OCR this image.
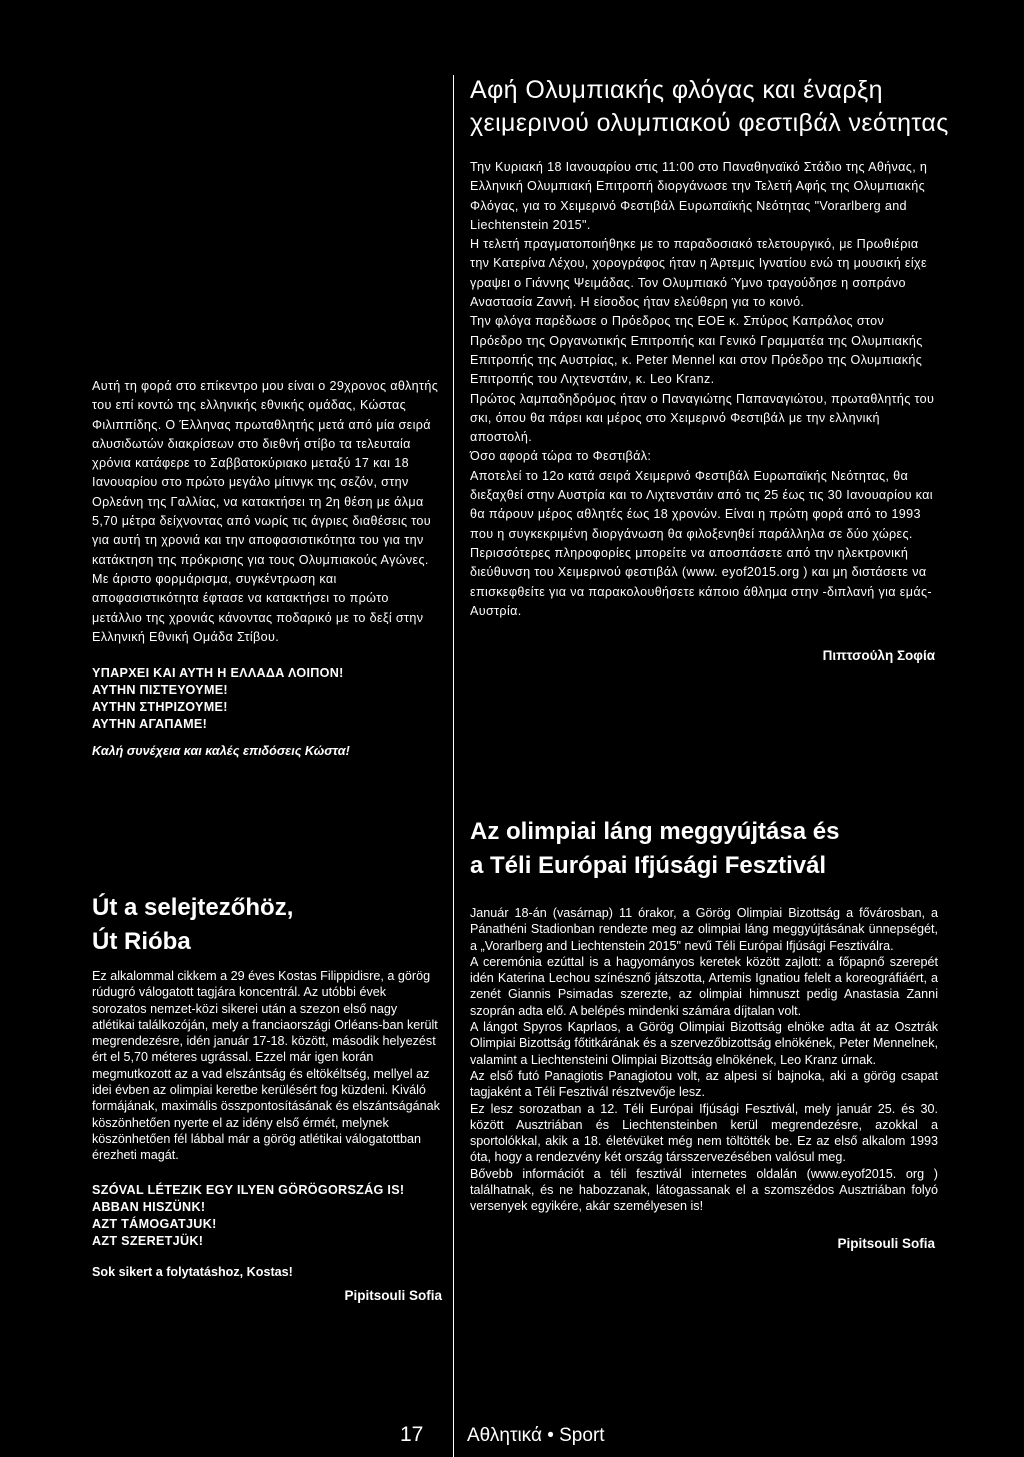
Αφή Ολυμπιακής φλόγας και έναρξη
χειμερινού ολυμπιακού φεστιβάλ νεότητας

Την Κυριακή 18 Ιανουαρίου στις 11:00 στο Παναθηναϊκό Στάδιο της Αθήνας, η Ελληνική Ολυμπιακή Επιτροπή διοργάνωσε την Τελετή Αφής της Ολυμπιακής Φλόγας, για το Χειμερινό Φεστιβάλ Ευρωπαϊκής Νεότητας "Vorarlberg and Liechtenstein 2015".

Η τελετή πραγματοποιήθηκε με το παραδοσιακό τελετουργικό, με Πρωθιέρια την Κατερίνα Λέχου, χορογράφος ήταν η Άρτεμις Ιγνατίου ενώ τη μουσική είχε γραψει ο Γιάννης Ψειμάδας. Τον Ολυμπιακό Ύμνο τραγούδησε η σοπράνο Αναστασία Ζαννή. Η είσοδος ήταν ελεύθερη για το κοινό.

Την φλόγα παρέδωσε ο Πρόεδρος της ΕΟΕ κ. Σπύρος Καπράλος στον Πρόεδρο της Οργανωτικής Επιτροπής και Γενικό Γραμματέα της Ολυμπιακής Επιτροπής της Αυστρίας, κ. Peter Mennel και στον Πρόεδρο της Ολυμπιακής Επιτροπής του Λιχτενστάιν, κ. Leo Kranz.

Πρώτος λαμπαδηδρόμος ήταν ο Παναγιώτης Παπαναγιώτου, πρωταθλητής του σκι, όπου θα πάρει και μέρος στο Χειμερινό Φεστιβάλ με την ελληνική αποστολή.

Όσο αφορά τώρα το Φεστιβάλ:

Αποτελεί το 12ο κατά σειρά Χειμερινό Φεστιβάλ Ευρωπαϊκής Νεότητας, θα διεξαχθεί στην Αυστρία και το Λιχτενστάιν από τις 25 έως τις 30 Ιανουαρίου και θα πάρουν μέρος αθλητές έως 18 χρονών. Είναι η πρώτη φορά από το 1993 που η συγκεκριμένη διοργάνωση θα φιλοξενηθεί παράλληλα σε δύο χώρες.

Περισσότερες πληροφορίες μπορείτε να αποσπάσετε από την ηλεκτρονική διεύθυνση του Χειμερινού φεστιβάλ (www. eyof2015.org ) και μη διστάσετε να επισκεφθείτε για να παρακολουθήσετε κάποιο άθλημα στην -διπλανή για εμάς- Αυστρία.

Πιπτσούλη Σοφία

Αυτή τη φορά στο επίκεντρο μου είναι ο 29χρονος αθλητής του επί κοντώ της ελληνικής εθνικής ομάδας, Κώστας Φιλιππίδης. Ο Έλληνας πρωταθλητής μετά από μία σειρά αλυσιδωτών διακρίσεων στο διεθνή στίβο τα τελευταία χρόνια κατάφερε το Σαββατοκύριακο μεταξύ 17 και 18 Ιανουαρίου στο πρώτο μεγάλο μίτινγκ της σεζόν, στην Ορλεάνη της Γαλλίας, να κατακτήσει τη 2η θέση με άλμα 5,70 μέτρα δείχνοντας από νωρίς τις άγριες διαθέσεις του για αυτή τη χρονιά και την αποφασιστικότητα του για την κατάκτηση της πρόκρισης για τους Ολυμπιακούς Αγώνες.

Με άριστο φορμάρισμα, συγκέντρωση και αποφασιστικότητα έφτασε να κατακτήσει το πρώτο μετάλλιο της χρονιάς κάνοντας ποδαρικό με το δεξί στην Ελληνική Εθνική Ομάδα Στίβου.

ΥΠΑΡΧΕΙ ΚΑΙ ΑΥΤΗ Η ΕΛΛΑΔΑ ΛΟΙΠΟΝ!

ΑΥΤΗΝ ΠΙΣΤΕΥΟΥΜΕ!

ΑΥΤΗΝ ΣΤΗΡΙΖΟΥΜΕ!

ΑΥΤΗΝ ΑΓΑΠΑΜΕ!

Καλή συνέχεια και καλές επιδόσεις Κώστα!

Út a selejtezőhöz,
Út Rióba

Ez alkalommal cikkem a 29 éves Kostas Filippidisre, a görög rúdugró válogatott tagjára koncentrál. Az utóbbi évek sorozatos nemzet-közi sikerei után a szezon első nagy atlétikai találkozóján, mely a franciaországi Orléans-ban került megrendezésre, idén január 17-18. között, második helyezést ért el 5,70 méteres ugrással. Ezzel már igen korán megmutkozott az a vad elszántság és eltökéltség, mellyel az idei évben az olimpiai keretbe kerülésért fog küzdeni. Kiváló formájának, maximális összpontosításának és elszántságának köszönhetően nyerte el az idény első érmét, melynek köszönhetően fél lábbal már a görög atlétikai válogatottban érezheti magát.

SZÓVAL LÉTEZIK EGY ILYEN GÖRÖGORSZÁG IS!

ABBAN HISZÜNK!

AZT TÁMOGATJUK!

AZT SZERETJÜK!

Sok sikert a folytatáshoz, Kostas!

Pipitsouli Sofia
Az olimpiai láng meggyújtása és
a Téli Európai Ifjúsági Fesztivál

Január 18-án (vasárnap) 11 órakor, a Görög Olimpiai Bizottság a fővárosban, a Pánathéni Stadionban rendezte meg az olimpiai láng meggyújtásának ünnepségét, a „Vorarlberg and Liechtenstein 2015" nevű Téli Európai Ifjúsági Fesztiválra.

A ceremónia ezúttal is a hagyományos keretek között zajlott: a főpapnő szerepét idén Katerina Lechou színésznő játszotta, Artemis Ignatiou felelt a koreográfiáért, a zenét Giannis Psimadas szerezte, az olimpiai himnuszt pedig Anastasia Zanni szoprán adta elő. A belépés mindenki számára díjtalan volt.

A lángot Spyros Kaprlaos, a Görög Olimpiai Bizottság elnöke adta át az Osztrák Olimpiai Bizottság főtitkárának és a szervezőbizottság elnökének, Peter Mennelnek, valamint a Liechtensteini Olimpiai Bizottság elnökének, Leo Kranz úrnak.

Az első futó Panagiotis Panagiotou volt, az alpesi sí bajnoka, aki a görög csapat tagjaként a Téli Fesztivál résztvevője lesz.

Ez lesz sorozatban a 12. Téli Európai Ifjúsági Fesztivál, mely január 25. és 30. között Ausztriában és Liechtensteinben kerül megrendezésre, azokkal a sportolókkal, akik a 18. életévüket még nem töltötték be. Ez az első alkalom 1993 óta, hogy a rendezvény két ország társszervezésében valósul meg.

Bővebb információt a téli fesztivál internetes oldalán (www.eyof2015. org ) találhatnak, és ne habozzanak, látogassanak el a szomszédos Ausztriában folyó versenyek egyikére, akár személyesen is!

Pipitsouli Sofia
17 Αθλητικά • Sport
